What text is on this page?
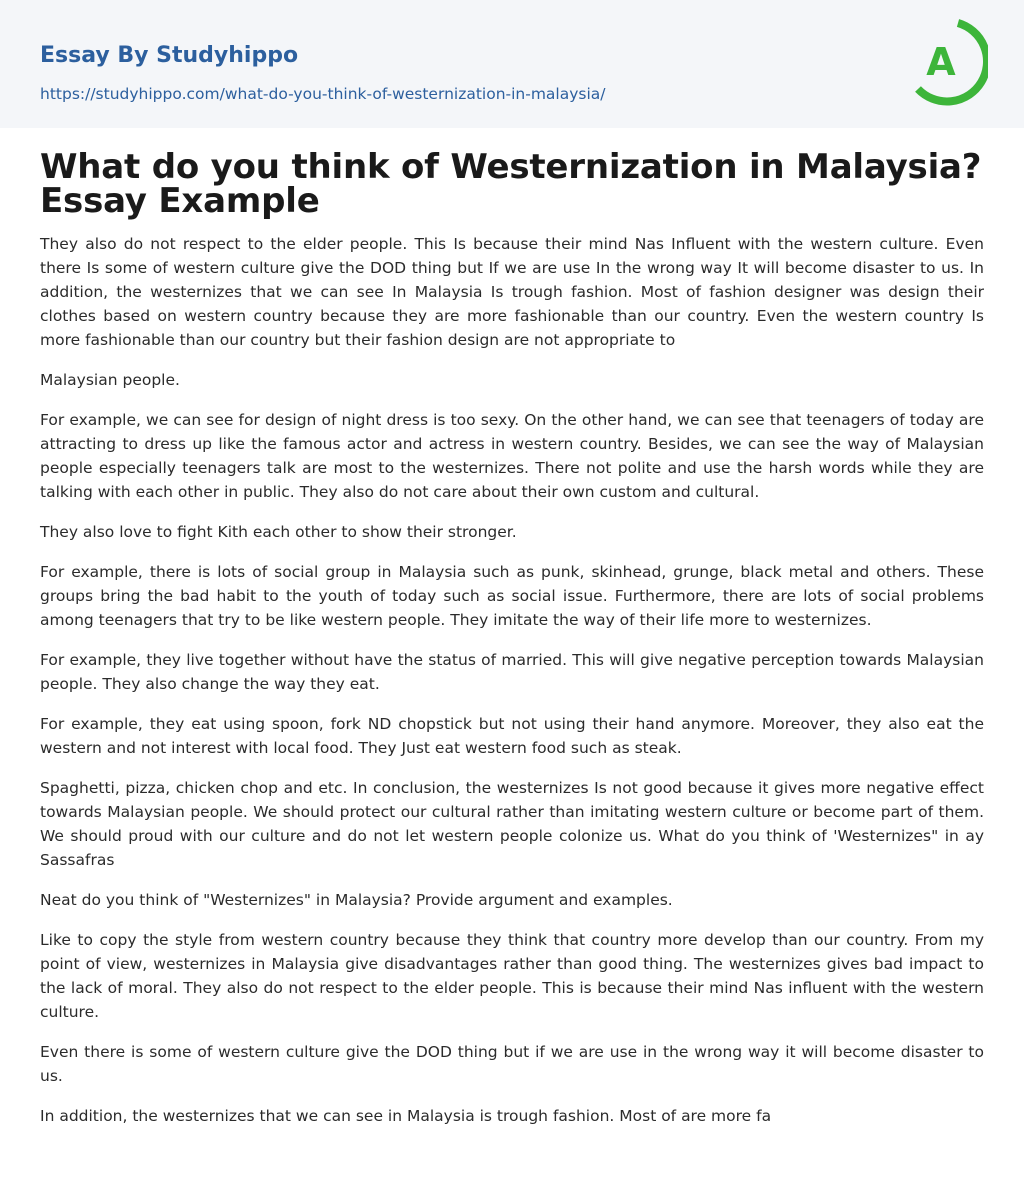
Essay By Studyhippo
https://studyhippo.com/what-do-you-think-of-westernization-in-malaysia/
A
What do you think of Westernization in Malaysia? Essay Example

They also do not respect to the elder people. This Is because their mind Nas Influent with the western culture. Even there Is some of western culture give the DOD thing but If we are use In the wrong way It will become disaster to us. In addition, the westernizes that we can see In Malaysia Is trough fashion. Most of fashion designer was design their clothes based on western country because they are more fashionable than our country. Even the western country Is more fashionable than our country but their fashion design are not appropriate to

Malaysian people.

For example, we can see for design of night dress is too sexy. On the other hand, we can see that teenagers of today are attracting to dress up like the famous actor and actress in western country. Besides, we can see the way of Malaysian people especially teenagers talk are most to the westernizes. There not polite and use the harsh words while they are talking with each other in public. They also do not care about their own custom and cultural.

They also love to fight Kith each other to show their stronger.

For example, there is lots of social group in Malaysia such as punk, skinhead, grunge, black metal and others. These groups bring the bad habit to the youth of today such as social issue. Furthermore, there are lots of social problems among teenagers that try to be like western people. They imitate the way of their life more to westernizes.

For example, they live together without have the status of married. This will give negative perception towards Malaysian people. They also change the way they eat.

For example, they eat using spoon, fork ND chopstick but not using their hand anymore. Moreover, they also eat the western and not interest with local food. They Just eat western food such as steak.

Spaghetti, pizza, chicken chop and etc. In conclusion, the westernizes Is not good because it gives more negative effect towards Malaysian people. We should protect our cultural rather than imitating western culture or become part of them. We should proud with our culture and do not let western people colonize us. What do you think of 'Westernizes" in ay Sassafras

Neat do you think of "Westernizes" in Malaysia? Provide argument and examples.

Like to copy the style from western country because they think that country more develop than our country. From my point of view, westernizes in Malaysia give disadvantages rather than good thing. The westernizes gives bad impact to the lack of moral. They also do not respect to the elder people. This is because their mind Nas influent with the western culture.

Even there is some of western culture give the DOD thing but if we are use in the wrong way it will become disaster to us.

In addition, the westernizes that we can see in Malaysia is trough fashion. Most of are more fa
